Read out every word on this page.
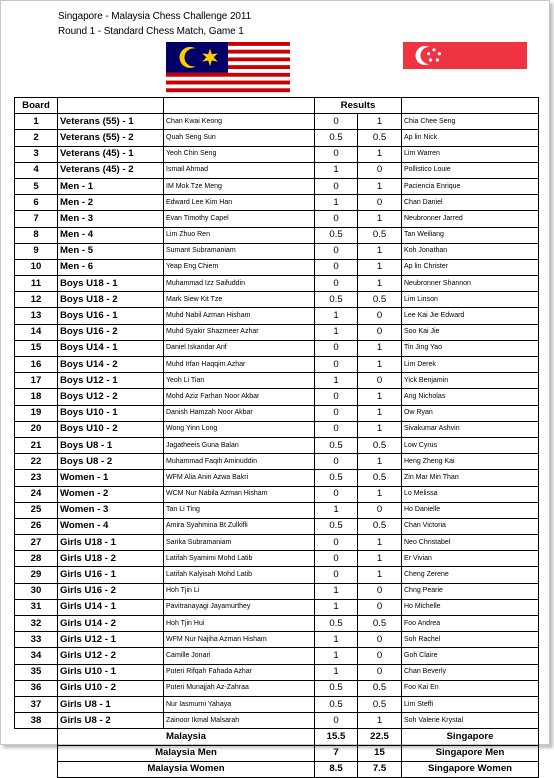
Singapore - Malaysia Chess Challenge 2011
Round 1 - Standard Chess Match, Game 1
Board			Results		
1	Veterans (55) - 1	Chan Kwai Keong	0	1	Chia Chee Seng
2	Veterans (55) - 2	Quah Seng Sun	0.5	0.5	Ap lin Nick
3	Veterans (45) - 1	Yeoh Chin Seng	0	1	Lim Warren
4	Veterans (45) - 2	Ismail Ahmad	1	0	Pollistico Louie
5	Men - 1	IM Mok Tze Meng	0	1	Paciencia Enrique
6	Men - 2	Edward Lee Kim Han	1	0	Chan Daniel
7	Men - 3	Evan Timothy Capel	0	1	Neubronner Jarred
8	Men - 4	Lim Zhuo Ren	0.5	0.5	Tan Weiliang
9	Men - 5	Sumant Subramaniam	0	1	Koh Jonathan
10	Men - 6	Yeap Eng Chiem	0	1	Ap lin Christer
11	Boys U18 - 1	Muhammad Izz Saifuddin	0	1	Neubronner Shannon
12	Boys U18 - 2	Mark Siew Kit Tze	0.5	0.5	Lim Linson
13	Boys U16 - 1	Muhd Nabil Azman Hisham	1	0	Lee Kai Jie Edward
14	Boys U16 - 2	Muhd Syakir Shazmeer Azhar	1	0	Soo Kai Jie
15	Boys U14 - 1	Daniel Iskandar Arif	0	1	Tin Jing Yao
16	Boys U14 - 2	Muhd Irfan Haqqim Azhar	0	1	Lim Derek
17	Boys U12 - 1	Yeoh Li Tian	1	0	Yick Benjamin
18	Boys U12 - 2	Mohd Aziz Farhan Noor Akbar	0	1	Ang Nicholas
19	Boys U10 - 1	Danish Hamzah Noor Akbar	0	1	Ow Ryan
20	Boys U10 - 2	Wong Yinn Long	0	1	Sivakumar Ashvin
21	Boys U8 - 1	Jagatheeis Guna Balan	0.5	0.5	Low Cyrus
22	Boys U8 - 2	Muhammad Faqih Aminuddin	0	1	Heng Zheng Kai
23	Women - 1	WFM Alia Anin Azwa Bakri	0.5	0.5	Zin Mar Min Than
24	Women - 2	WCM Nur Nabila Azman Hisham	0	1	Lo Melissa
25	Women - 3	Tan Li Ting	1	0	Ho Danielle
26	Women - 4	Amira Syahmina Bt Zulkifli	0.5	0.5	Chan Victoria
27	Girls U18 - 1	Sarika Subramaniam	0	1	Neo Christabel
28	Girls U18 - 2	Latifah Syamimi Mohd Latib	0	1	Er Vivian
29	Girls U16 - 1	Latifah Kalyisah Mohd Latib	0	1	Cheng Zerene
30	Girls U16 - 2	Hoh Tjin Li	1	0	Chng Pearie
31	Girls U14 - 1	Pavitranayagi Jayamurthey	1	0	Ho Michelle
32	Girls U14 - 2	Hoh Tjin Hui	0.5	0.5	Foo Andrea
33	Girls U12 - 1	WFM Nur Najiha Azman Hisham	1	0	Soh Rachel
34	Girls U12 - 2	Camille Jonari	1	0	Goh Claire
35	Girls U10 - 1	Puteri Rifqah Fahada Azhar	1	0	Chan Beverly
36	Girls U10 - 2	Puteri Munajjah Az-Zahraa	0.5	0.5	Foo Kai En
37	Girls U8 - 1	Nur Iasmurni Yahaya	0.5	0.5	Lim Steffi
38	Girls U8 - 2	Zainoor Ikmal Malsarah	0	1	Soh Valerie Krystal
	Malaysia		15.5	22.5	Singapore
	Malaysia Men		7	15	Singapore Men
	Malaysia Women		8.5	7.5	Singapore Women
